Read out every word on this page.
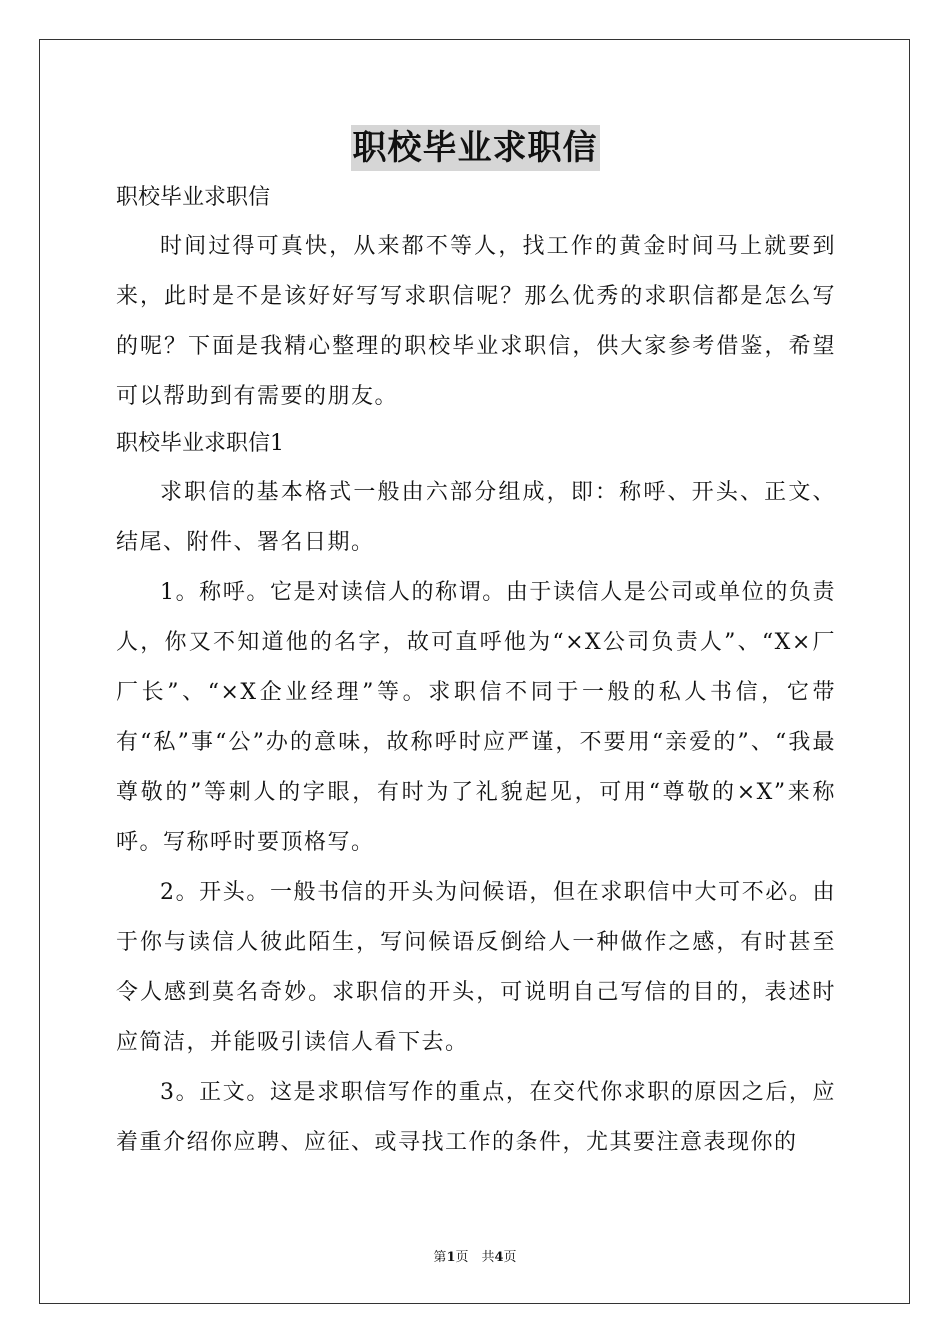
职校毕业求职信

职校毕业求职信

时间过得可真快，从来都不等人，找工作的黄金时间马上就要到来，此时是不是该好好写写求职信呢？那么优秀的求职信都是怎么写的呢？下面是我精心整理的职校毕业求职信，供大家参考借鉴，希望可以帮助到有需要的朋友。

职校毕业求职信1

求职信的基本格式一般由六部分组成，即：称呼、开头、正文、结尾、附件、署名日期。

1。称呼。它是对读信人的称谓。由于读信人是公司或单位的负责人，你又不知道他的名字，故可直呼他为“×X公司负责人”、“X×厂厂长”、“×X企业经理”等。求职信不同于一般的私人书信，它带有“私”事“公”办的意味，故称呼时应严谨，不要用“亲爱的”、“我最尊敬的”等刺人的字眼，有时为了礼貌起见，可用“尊敬的×X”来称呼。写称呼时要顶格写。

2。开头。一般书信的开头为问候语，但在求职信中大可不必。由于你与读信人彼此陌生，写问候语反倒给人一种做作之感，有时甚至令人感到莫名奇妙。求职信的开头，可说明自己写信的目的，表述时应简洁，并能吸引读信人看下去。

3。正文。这是求职信写作的重点，在交代你求职的原因之后，应着重介绍你应聘、应征、或寻找工作的条件，尤其要注意表现你的

第1页　共4页
